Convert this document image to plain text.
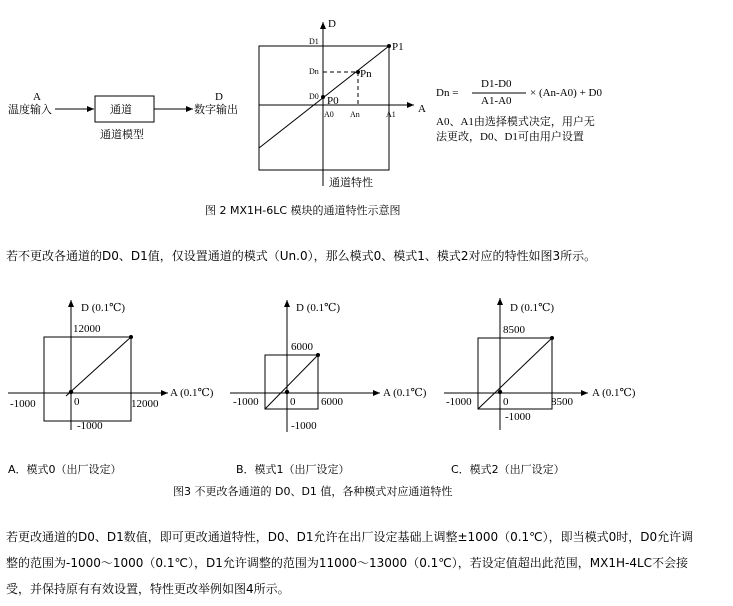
A
温度输入	通道
通道模型
D
数字输出
D
A
D1
Dn
D0 P0
Pn
P1
A0 An	A1
通道特性
Dn =
D1-D0
A1-A0
× (An-A0) + D0
A0、A1由选择模式决定，用户无
法更改，D0、D1可由用户设置
图 2 MX1H-6LC 模块的通道特性示意图
D (0.1℃)
A (0.1℃)
12000
-1000	0	12000
-1000
A．模式0（出厂设定）
D (0.1℃)
A (0.1℃)
6000
-1000	0 6000
-1000
B．模式1（出厂设定）
D (0.1℃)
A (0.1℃)
8500
-1000	0	8500
-1000
C．模式2（出厂设定）
图3 不更改各通道的 D0、D1 值，各种模式对应通道特性
若不更改各通道的D0、D1值，仅设置通道的模式（Un.0），那么模式0、模式1、模式2对应的特性如图3所示。
若更改通道的D0、D1数值，即可更改通道特性，D0、D1允许在出厂设定基础上调整±1000（0.1℃），即当模式0时，D0允许调
整的范围为-1000～1000（0.1℃），D1允许调整的范围为11000～13000（0.1℃），若设定值超出此范围，MX1H-4LC不会接
受，并保持原有有效设置，特性更改举例如图4所示。
